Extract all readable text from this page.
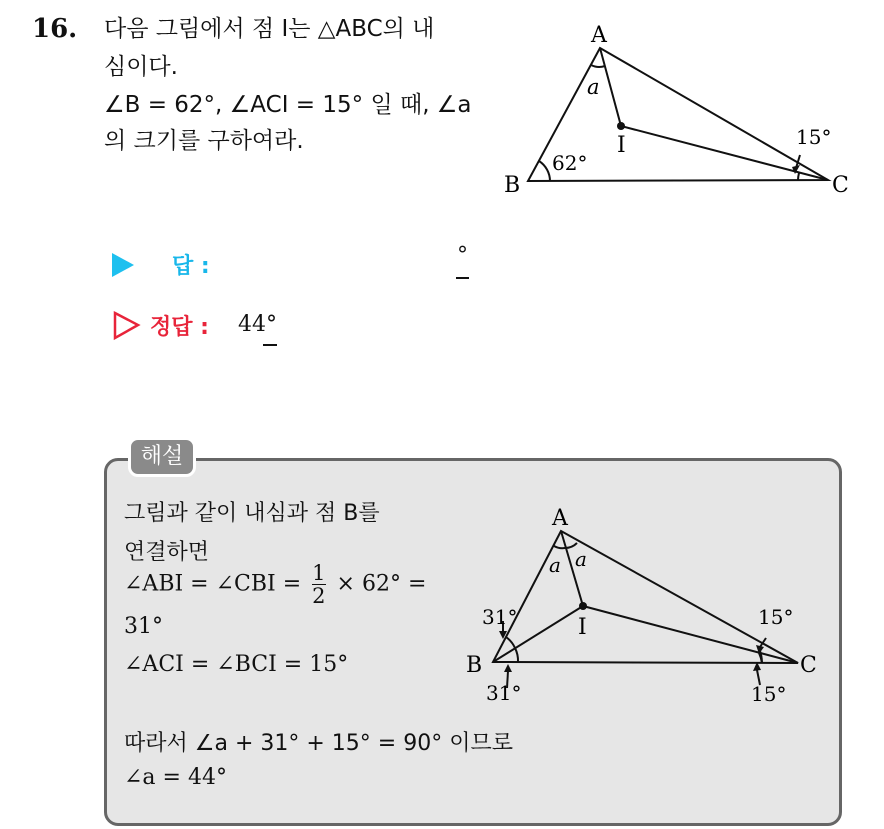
16. 다음 그림에서 점 I는 △ABC의 내
심이다.
∠B = 62°, ∠ACI = 15° 일 때, ∠a
의 크기를 구하여라.
A
B	C
I
a
62°
15°
답 :	°
정답 : 44°
해설
그림과 같이 내심과 점 B를
연결하면
∠ABI = ∠CBI = $\frac{1}{2} \times 62^\circ$ =
31°
∠ACI = ∠BCI = 15°
따라서 ∠a + 31° + 15° = 90° 이므로
∠a = 44°
A
B	C
I
a a
31°
31°
15°
15°
